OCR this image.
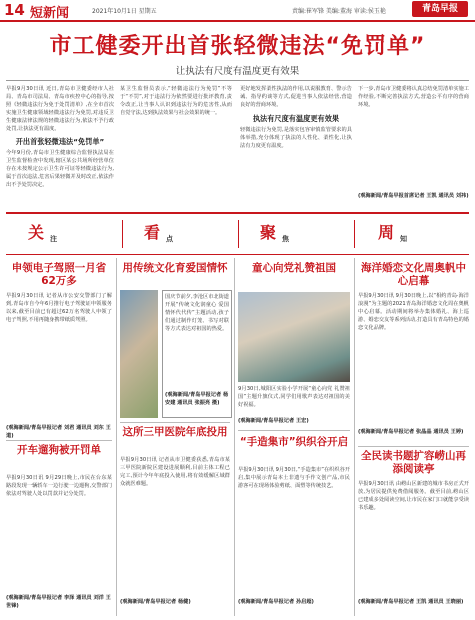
14 短新闻	2021年10月1日 星期五	责编:崔军锋 美编:董海 审读:侯玉艳	青岛早报
市工健委开出首张轻微违法“免罚单”
让执法有尺度有温度更有效果
早报9月30日讯 近日,青岛市卫健委经市人社局、青岛市司法局、青岛市疾控中心的指导,按照《轻微违法行为免于处罚清单》,在全市首次实施卫生健康领域轻微违法行为免罚,对违反卫生健康法律法规的轻微违法行为,依法不予行政处罚,让执法更有温度。
开出首张轻微违法“免罚单”
今年9月份,青岛市卫生健康综合监督执法局在卫生监督检查中发现,辖区某公共场所经营单位存在未按规定公示卫生许可证等轻微违法行为,属于首次违法,危害后果轻微并及时改正,依法作出不予处罚决定。
某卫生监督员表示,“轻微违法行为免罚”不等于“不罚”,对于违法行为依然要进行批评教育,责令改正,让当事人认识到违法行为的危害性,从而自觉守法,达到执法效果与社会效果的统一。
更好地发挥柔性执法的作用,以说服教育、警示告诫、指导约谈等方式,促进当事人依法经营,营造良好的营商环境。
执法有尺度有温度更有效果
轻微违法行为免罚,是落实包容审慎监管要求的具体举措,充分体现了执法的人性化、柔性化,让执法有力度更有温度。
下一步,青岛市卫健委将认真总结免罚清单实施工作经验,不断完善执法方式,营造公平有序的营商环境。
(观海新闻/青岛早报首席记者 王凯 通讯员 刘祎)
关 注	看 点	聚 焦	周 知
申领电子驾照一月省62万多
早报9月30日讯 记者从市公安交警部门了解到,青岛市自今年6月推行电子驾驶证申领服务以来,截至目前已有超过62万名驾驶人申领了电子驾照,不用再随身携带纸质驾照。
(观海新闻/青岛早报记者 刘君 通讯员 刘东 王道)
开车遛狗被开罚单
早报9月30日讯 9月29日晚上,市民在台东某路段发现一辆轿车一边行驶一边遛狗,交警部门依法对驾驶人处以罚款并记分处罚。
(观海新闻/青岛早报记者 李泽 通讯员 刘洋 王世锋)
用传统文化育爱国情怀
国庆节前夕,李沧区市北街道开展“传统文化润童心 爱国情怀代代传”主题活动,孩子们通过制作灯笼、书写对联等方式表达对祖国的热爱。
(观海新闻/青岛早报记者 杨安建 通讯员 张振亮 摄)
这所三甲医院年底投用
早报9月30日讯 记者从市卫健委获悉,青岛市某三甲医院新院区建设进展顺利,目前主体工程已完工,预计今年年底投入使用,将有效缓解区域群众就医难题。
(观海新闻/青岛早报记者 杨健)
童心向党礼赞祖国
9月30日,城阳区实验小学开展“童心向党 礼赞祖国”主题升旗仪式,同学们用歌声表达对祖国的美好祝福。
(观海新闻/青岛早报记者 王宏)
“手造集市”织织谷开启
早报9月30日讯 9月30日,“手造集市”在织织谷开启,集中展示青岛本土非遗与手作文创产品,市民游客可在现场体验剪纸、面塑等传统技艺。
(观海新闻/青岛早报记者 孙启超)
海洋婚恋文化周奥帆中心启幕
早报9月30日讯 9月30日晚上,以“相约青岛·海洋浪漫”为主题的2021青岛海洋婚恋文化周在奥帆中心启幕。活动期间将举办集体婚礼、海上巡游、婚恋交友等系列活动,打造具有青岛特色的婚恋文化品牌。
(观海新闻/青岛早报记者 张晶晶 通讯员 王婷)
全民读书题扩容崂山再添阅读亭
早报9月30日讯 由崂山区新建的城市书房正式开放,为居民提供免费借阅服务。截至目前,崂山区已建成多处阅读空间,让市民在家门口就能享受读书乐趣。
(观海新闻/青岛早报记者 王凯 通讯员 王晓丽)
